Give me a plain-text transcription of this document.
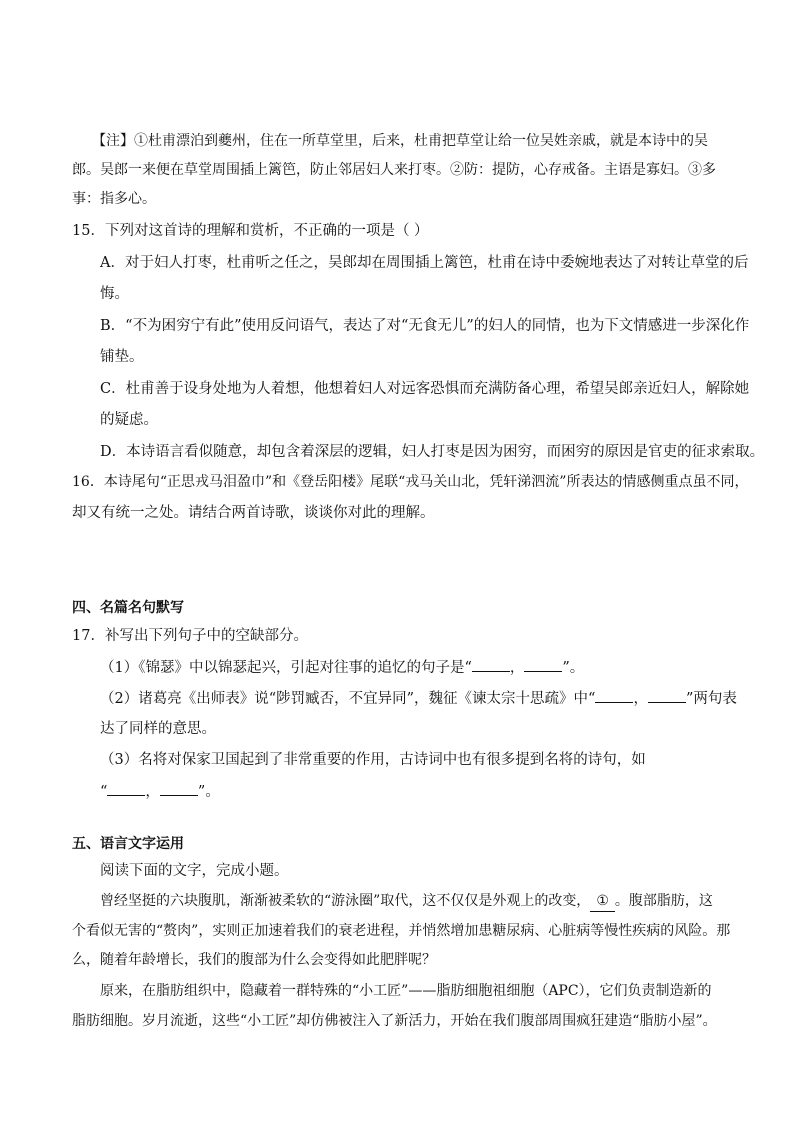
【注】①杜甫漂泊到夔州，住在一所草堂里，后来，杜甫把草堂让给一位吴姓亲戚，就是本诗中的吴
郎。吴郎一来便在草堂周围插上篱笆，防止邻居妇人来打枣。②防：提防，心存戒备。主语是寡妇。③多
事：指多心。
15．下列对这首诗的理解和赏析，不正确的一项是（ ）
A．对于妇人打枣，杜甫听之任之，吴郎却在周围插上篱笆，杜甫在诗中委婉地表达了对转让草堂的后
悔。
B．“不为困穷宁有此”使用反问语气，表达了对“无食无儿”的妇人的同情，也为下文情感进一步深化作
铺垫。
C．杜甫善于设身处地为人着想，他想着妇人对远客恐惧而充满防备心理，希望吴郎亲近妇人，解除她
的疑虑。
D．本诗语言看似随意，却包含着深层的逻辑，妇人打枣是因为困穷，而困穷的原因是官吏的征求索取。
16．本诗尾句“正思戎马泪盈巾”和《登岳阳楼》尾联“戎马关山北，凭轩涕泗流”所表达的情感侧重点虽不同，
却又有统一之处。请结合两首诗歌，谈谈你对此的理解。
四、名篇名句默写
17．补写出下列句子中的空缺部分。
（1）《锦瑟》中以锦瑟起兴，引起对往事的追忆的句子是“	，	”。
（2）诸葛亮《出师表》说“陟罚臧否，不宜异同”，魏征《谏太宗十思疏》中“	，	”两句表
达了同样的意思。
（3）名将对保家卫国起到了非常重要的作用，古诗词中也有很多提到名将的诗句，如
“	，	”。
五、语言文字运用
阅读下面的文字，完成小题。
曾经坚挺的六块腹肌，渐渐被柔软的“游泳圈”取代，这不仅仅是外观上的改变， ① 。腹部脂肪，这
个看似无害的“赘肉”，实则正加速着我们的衰老进程，并悄然增加患糖尿病、心脏病等慢性疾病的风险。那
么，随着年龄增长，我们的腹部为什么会变得如此肥胖呢？
原来，在脂肪组织中，隐藏着一群特殊的“小工匠”——脂肪细胞祖细胞（APC），它们负责制造新的
脂肪细胞。岁月流逝，这些“小工匠”却仿佛被注入了新活力，开始在我们腹部周围疯狂建造“脂肪小屋”。
